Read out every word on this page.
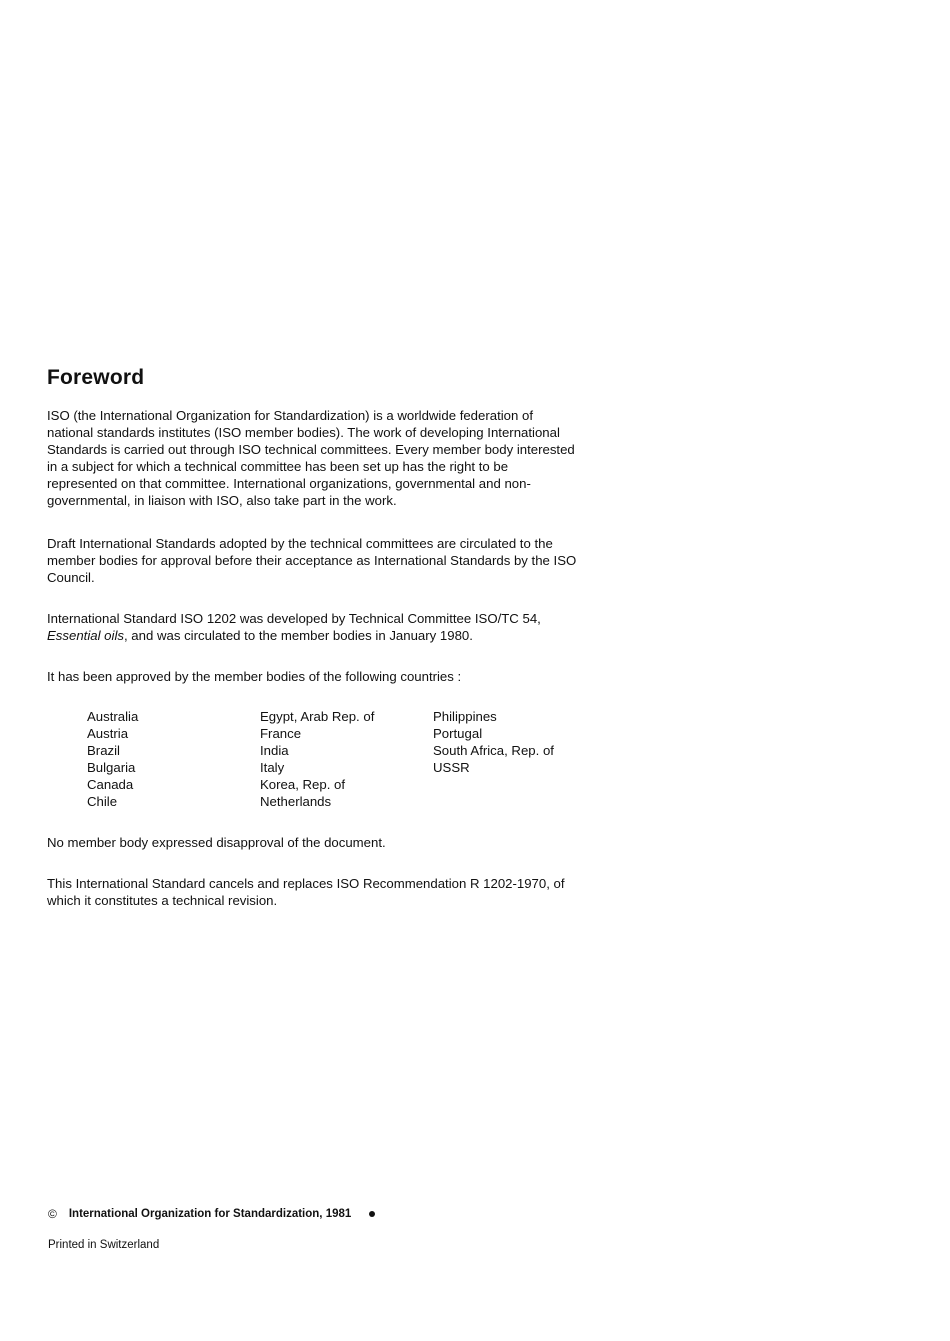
Foreword

ISO (the International Organization for Standardization) is a worldwide federation of national standards institutes (ISO member bodies). The work of developing International Standards is carried out through ISO technical committees. Every member body interested in a subject for which a technical committee has been set up has the right to be represented on that committee. International organizations, governmental and non-governmental, in liaison with ISO, also take part in the work.

Draft International Standards adopted by the technical committees are circulated to the member bodies for approval before their acceptance as International Standards by the ISO Council.

International Standard ISO 1202 was developed by Technical Committee ISO/TC 54, Essential oils, and was circulated to the member bodies in January 1980.

It has been approved by the member bodies of the following countries :

Australia
Austria
Brazil
Bulgaria
Canada
Chile
Egypt, Arab Rep. of
France
India
Italy
Korea, Rep. of
Netherlands
Philippines
Portugal
South Africa, Rep. of
USSR

No member body expressed disapproval of the document.

This International Standard cancels and replaces ISO Recommendation R 1202-1970, of which it constitutes a technical revision.

© International Organization for Standardization, 1981
Printed in Switzerland
